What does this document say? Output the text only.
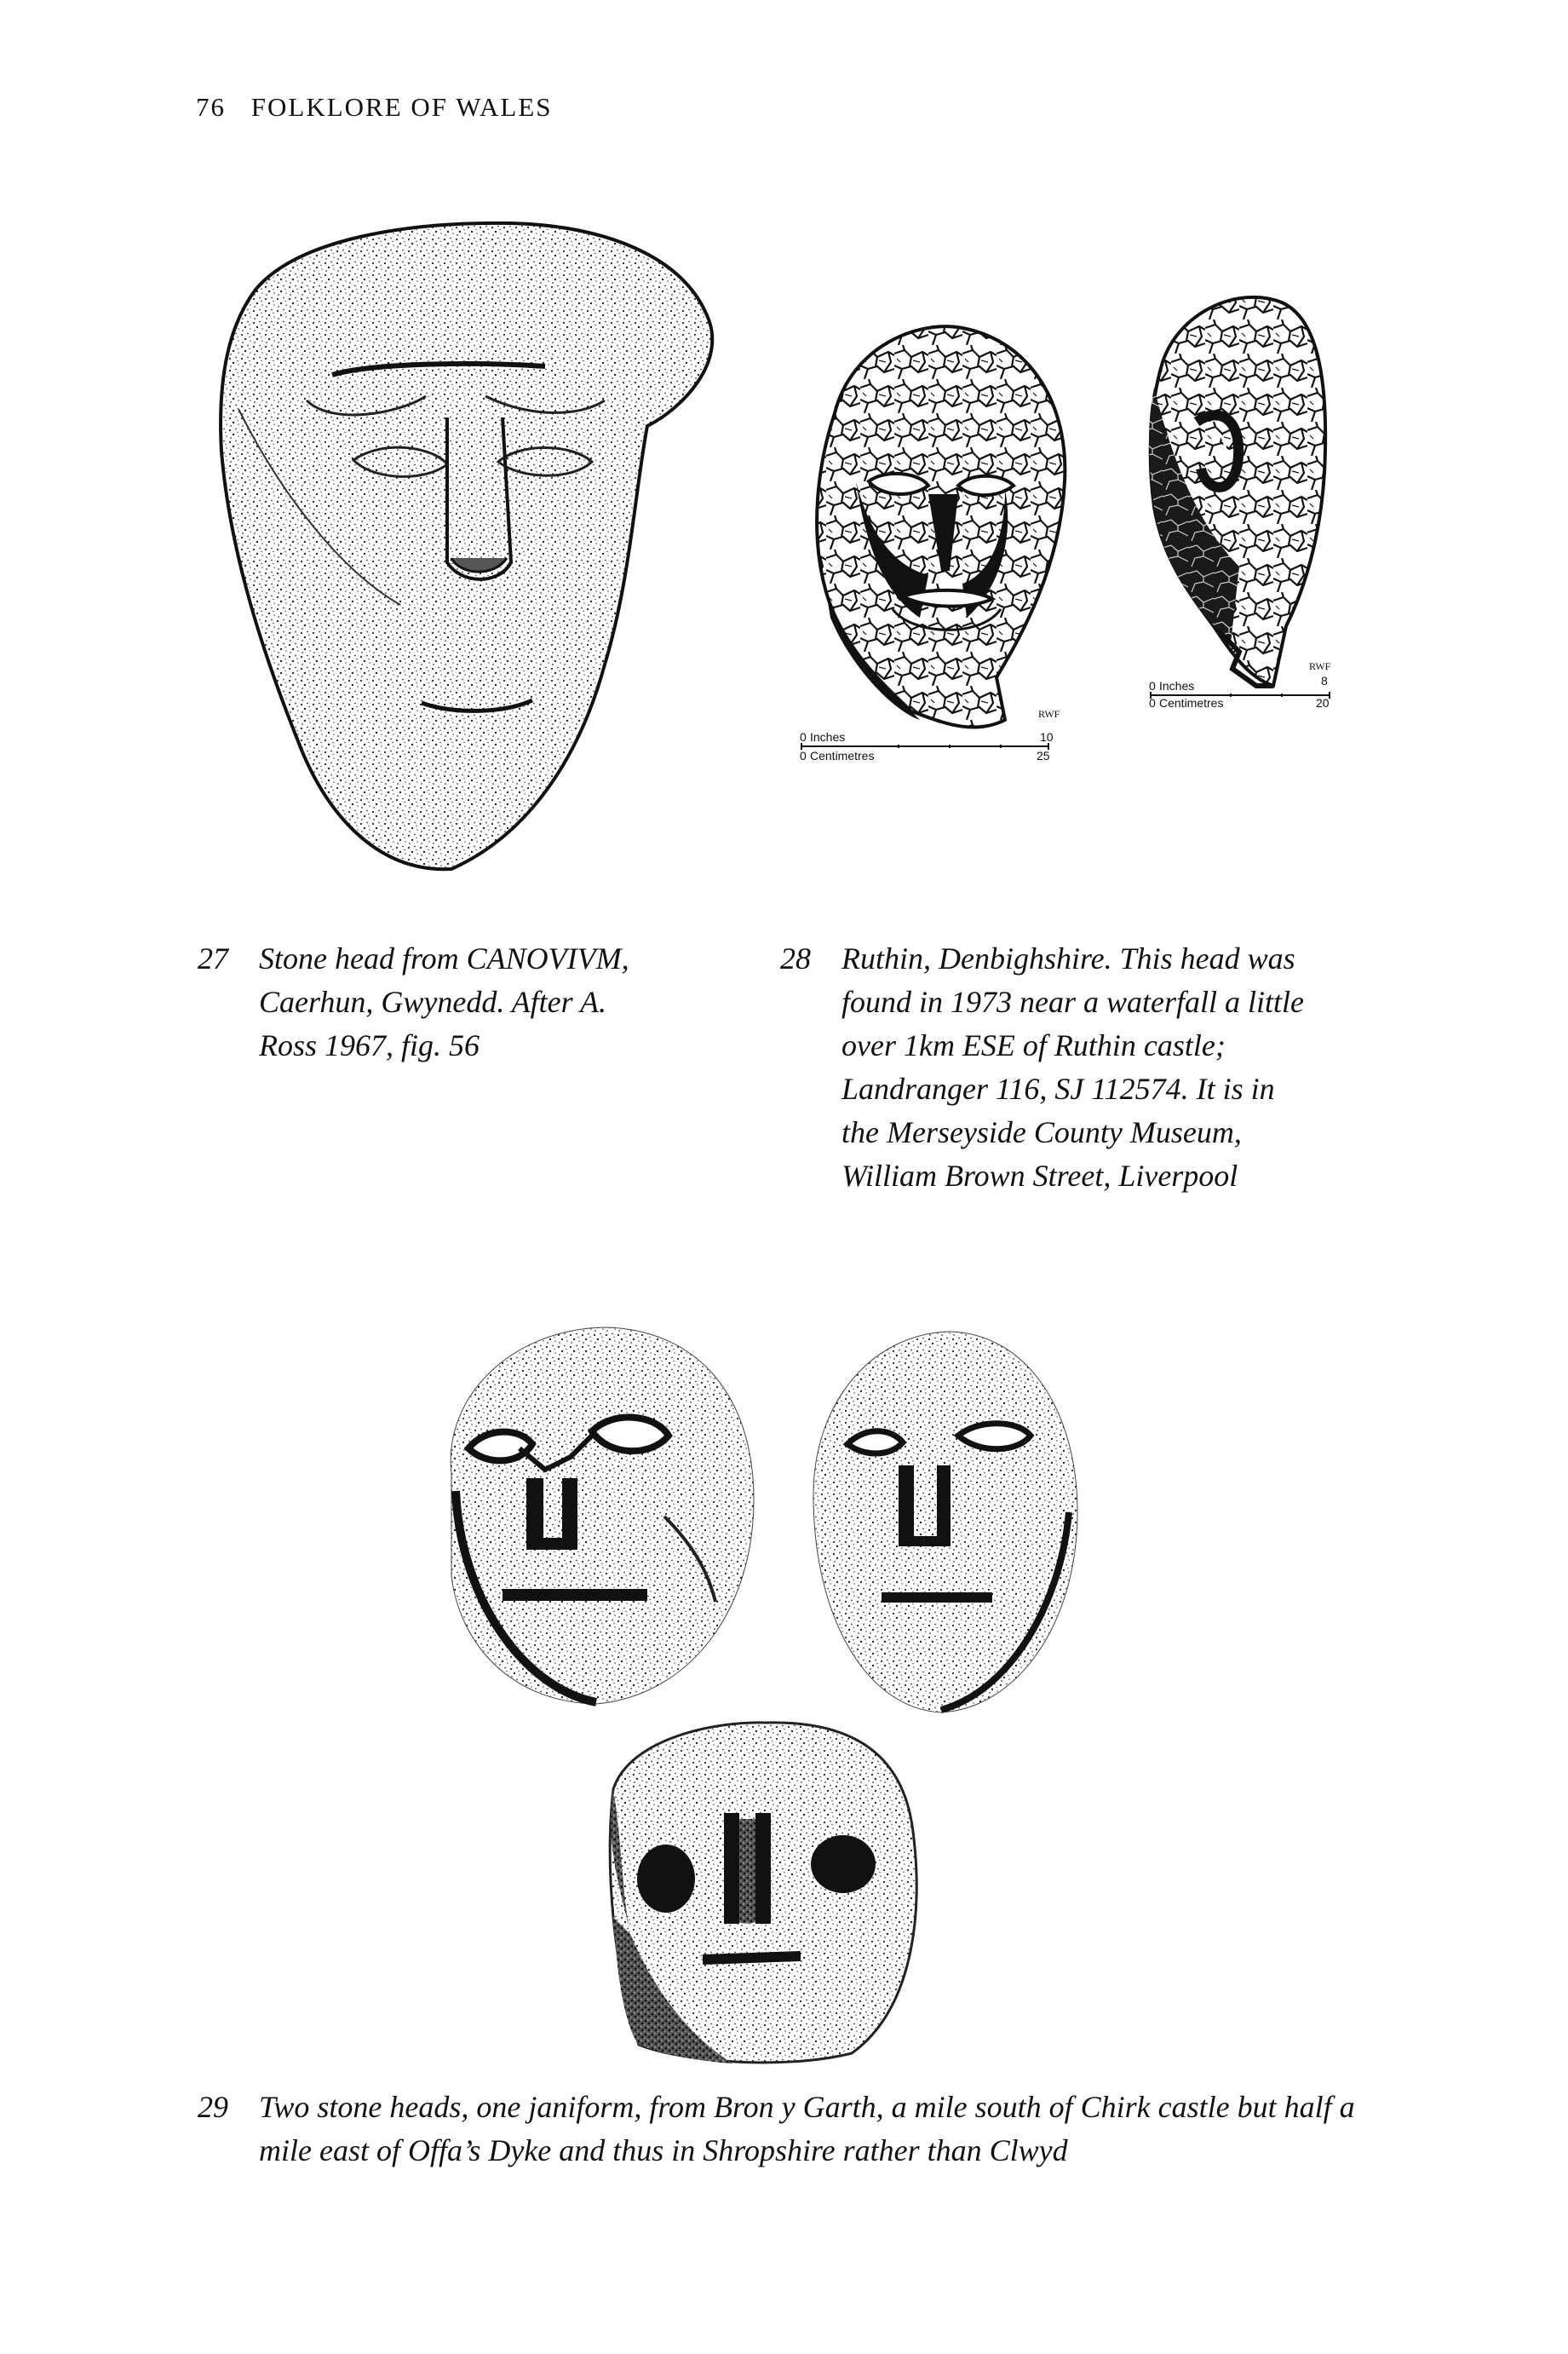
76 FOLKLORE OF WALES
RWF
0 Inches	10
0 Centimetres	25
RWF
0 Inches	8
0 Centimetres	20
27 Stone head from CANOVIVM, Caerhun, Gwynedd. After A. Ross 1967, fig. 56
28 Ruthin, Denbighshire. This head was found in 1973 near a waterfall a little over 1km ESE of Ruthin castle; Landranger 116, SJ 112574. It is in the Merseyside County Museum, William Brown Street, Liverpool
29 Two stone heads, one janiform, from Bron y Garth, a mile south of Chirk castle but half a mile east of Offa’s Dyke and thus in Shropshire rather than Clwyd
